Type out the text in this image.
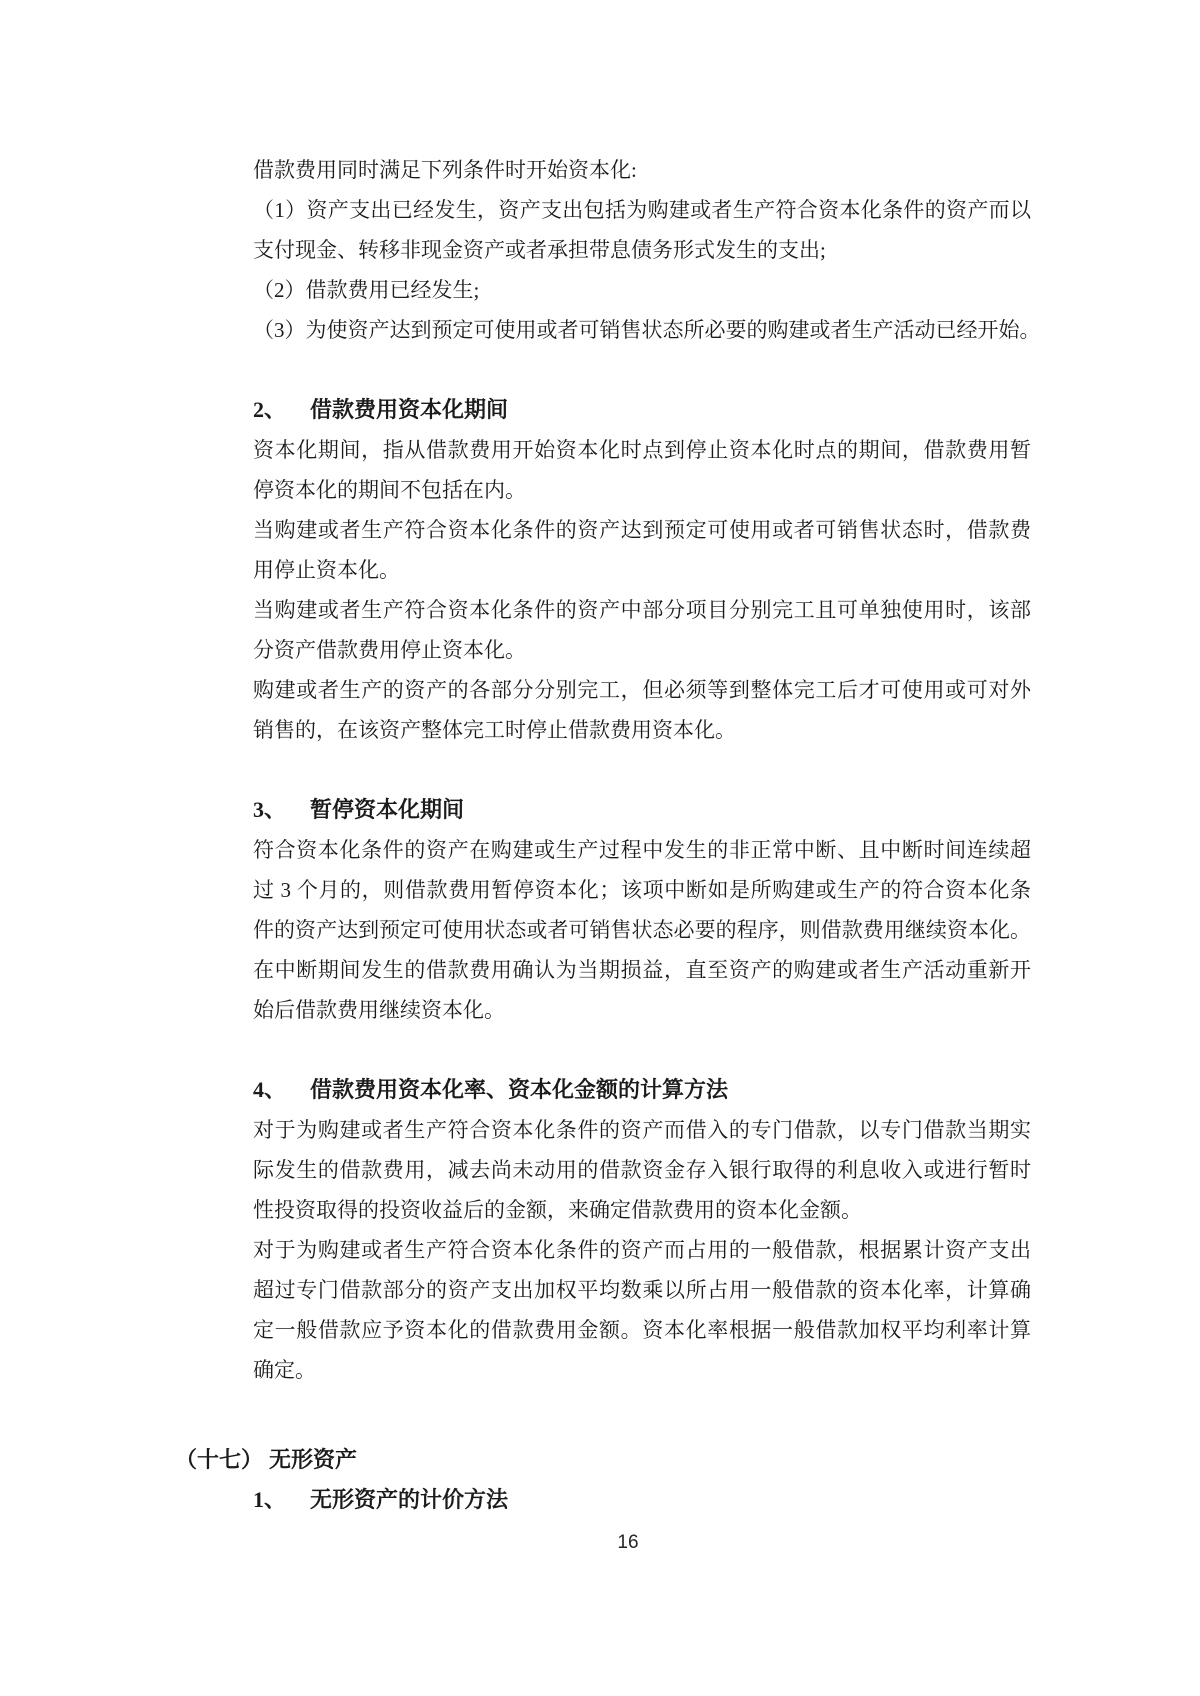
借款费用同时满足下列条件时开始资本化:
（1）资产支出已经发生，资产支出包括为购建或者生产符合资本化条件的资产而以
支付现金、转移非现金资产或者承担带息债务形式发生的支出;
（2）借款费用已经发生;
（3）为使资产达到预定可使用或者可销售状态所必要的购建或者生产活动已经开始。
2、	借款费用资本化期间
资本化期间，指从借款费用开始资本化时点到停止资本化时点的期间，借款费用暂
停资本化的期间不包括在内。
当购建或者生产符合资本化条件的资产达到预定可使用或者可销售状态时，借款费
用停止资本化。
当购建或者生产符合资本化条件的资产中部分项目分别完工且可单独使用时，该部
分资产借款费用停止资本化。
购建或者生产的资产的各部分分别完工，但必须等到整体完工后才可使用或可对外
销售的，在该资产整体完工时停止借款费用资本化。
3、	暂停资本化期间
符合资本化条件的资产在购建或生产过程中发生的非正常中断、且中断时间连续超
过 3 个月的，则借款费用暂停资本化；该项中断如是所购建或生产的符合资本化条
件的资产达到预定可使用状态或者可销售状态必要的程序，则借款费用继续资本化。
在中断期间发生的借款费用确认为当期损益，直至资产的购建或者生产活动重新开
始后借款费用继续资本化。
4、	借款费用资本化率、资本化金额的计算方法
对于为购建或者生产符合资本化条件的资产而借入的专门借款，以专门借款当期实
际发生的借款费用，减去尚未动用的借款资金存入银行取得的利息收入或进行暂时
性投资取得的投资收益后的金额，来确定借款费用的资本化金额。
对于为购建或者生产符合资本化条件的资产而占用的一般借款，根据累计资产支出
超过专门借款部分的资产支出加权平均数乘以所占用一般借款的资本化率，计算确
定一般借款应予资本化的借款费用金额。资本化率根据一般借款加权平均利率计算
确定。
（十七） 无形资产
1、	无形资产的计价方法
16
